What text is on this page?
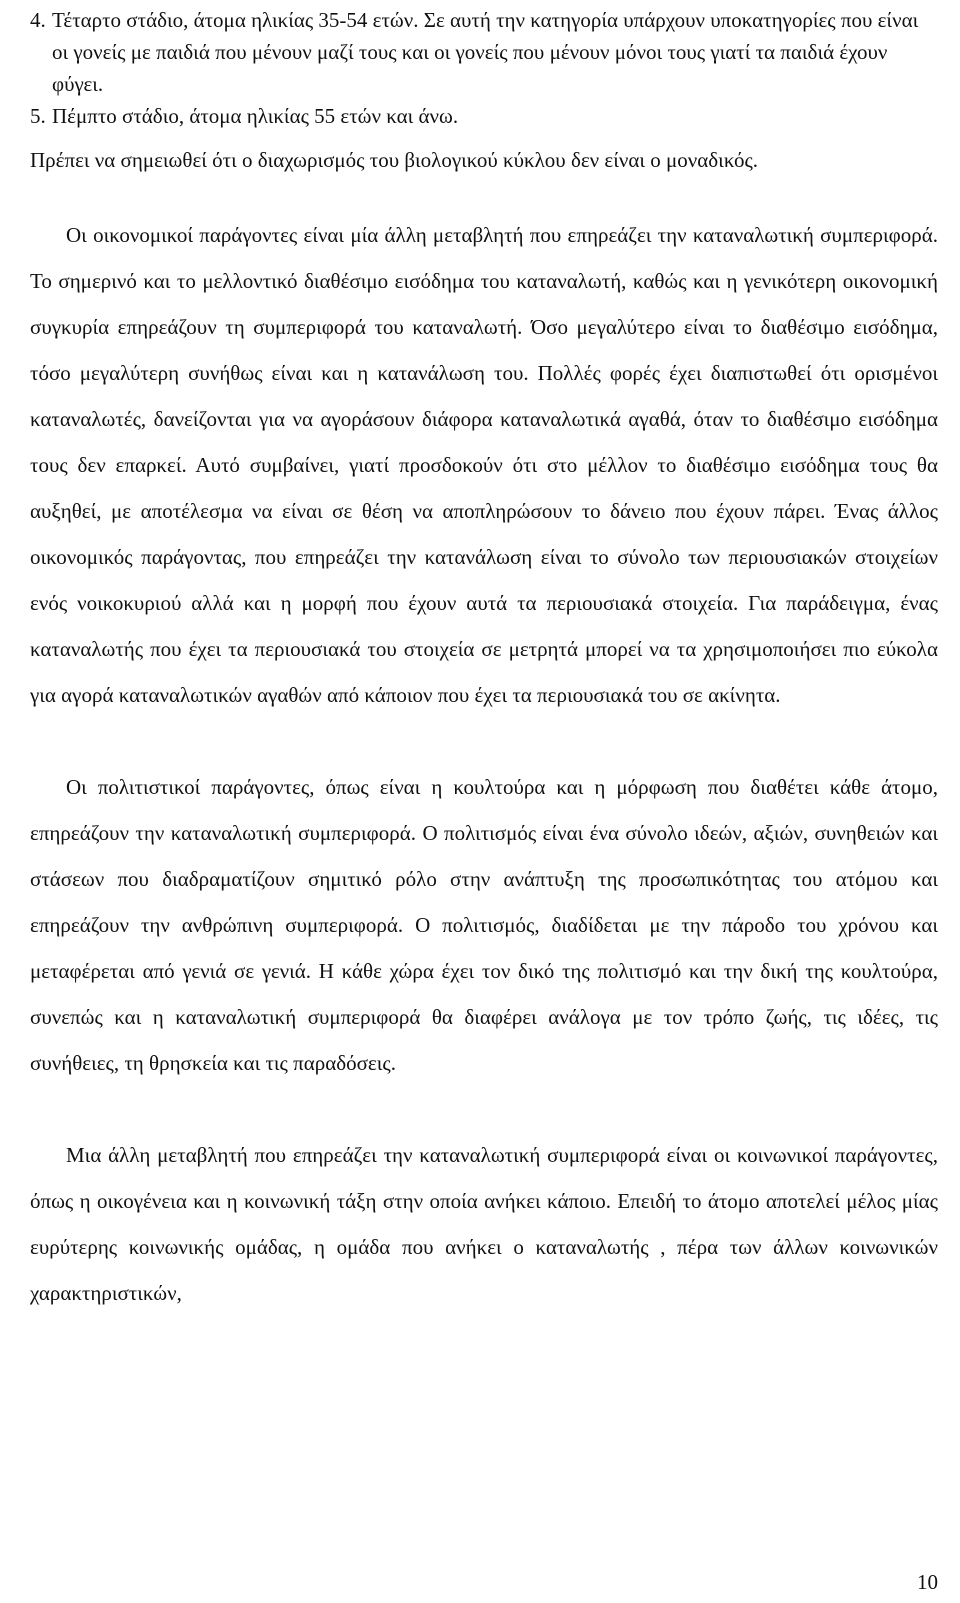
4. Τέταρτο στάδιο, άτομα ηλικίας 35-54 ετών. Σε αυτή την κατηγορία υπάρχουν υποκατηγορίες που είναι οι γονείς με παιδιά που μένουν μαζί τους και οι γονείς που μένουν μόνοι τους γιατί τα παιδιά έχουν φύγει.
5. Πέμπτο στάδιο, άτομα ηλικίας 55 ετών και άνω.

Πρέπει να σημειωθεί ότι ο διαχωρισμός του βιολογικού κύκλου δεν είναι ο μοναδικός.

Οι οικονομικοί παράγοντες είναι μία άλλη μεταβλητή που επηρεάζει την καταναλωτική συμπεριφορά. Το σημερινό και το μελλοντικό διαθέσιμο εισόδημα του καταναλωτή, καθώς και η γενικότερη οικονομική συγκυρία επηρεάζουν τη συμπεριφορά του καταναλωτή. Όσο μεγαλύτερο είναι το διαθέσιμο εισόδημα, τόσο μεγαλύτερη συνήθως είναι και η κατανάλωση του. Πολλές φορές έχει διαπιστωθεί ότι ορισμένοι καταναλωτές, δανείζονται για να αγοράσουν διάφορα καταναλωτικά αγαθά, όταν το διαθέσιμο εισόδημα τους δεν επαρκεί. Αυτό συμβαίνει, γιατί προσδοκούν ότι στο μέλλον το διαθέσιμο εισόδημα τους θα αυξηθεί, με αποτέλεσμα να είναι σε θέση να αποπληρώσουν το δάνειο που έχουν πάρει. Ένας άλλος οικονομικός παράγοντας, που επηρεάζει την κατανάλωση είναι το σύνολο των περιουσιακών στοιχείων ενός νοικοκυριού αλλά και η μορφή που έχουν αυτά τα περιουσιακά στοιχεία. Για παράδειγμα, ένας καταναλωτής που έχει τα περιουσιακά του στοιχεία σε μετρητά μπορεί να τα χρησιμοποιήσει πιο εύκολα για αγορά καταναλωτικών αγαθών από κάποιον που έχει τα περιουσιακά του σε ακίνητα.

Οι πολιτιστικοί παράγοντες, όπως είναι η κουλτούρα και η μόρφωση που διαθέτει κάθε άτομο, επηρεάζουν την καταναλωτική συμπεριφορά. Ο πολιτισμός είναι ένα σύνολο ιδεών, αξιών, συνηθειών και στάσεων που διαδραματίζουν σημιτικό ρόλο στην ανάπτυξη της προσωπικότητας του ατόμου και επηρεάζουν την ανθρώπινη συμπεριφορά. Ο πολιτισμός, διαδίδεται με την πάροδο του χρόνου και μεταφέρεται από γενιά σε γενιά. Η κάθε χώρα έχει τον δικό της πολιτισμό και την δική της κουλτούρα, συνεπώς και η καταναλωτική συμπεριφορά θα διαφέρει ανάλογα με τον τρόπο ζωής, τις ιδέες, τις συνήθειες, τη θρησκεία και τις παραδόσεις.

Μια άλλη μεταβλητή που επηρεάζει την καταναλωτική συμπεριφορά είναι οι κοινωνικοί παράγοντες, όπως η οικογένεια και η κοινωνική τάξη στην οποία ανήκει κάποιο. Επειδή το άτομο αποτελεί μέλος μίας ευρύτερης κοινωνικής ομάδας, η ομάδα που ανήκει ο καταναλωτής , πέρα των άλλων κοινωνικών χαρακτηριστικών,

10
